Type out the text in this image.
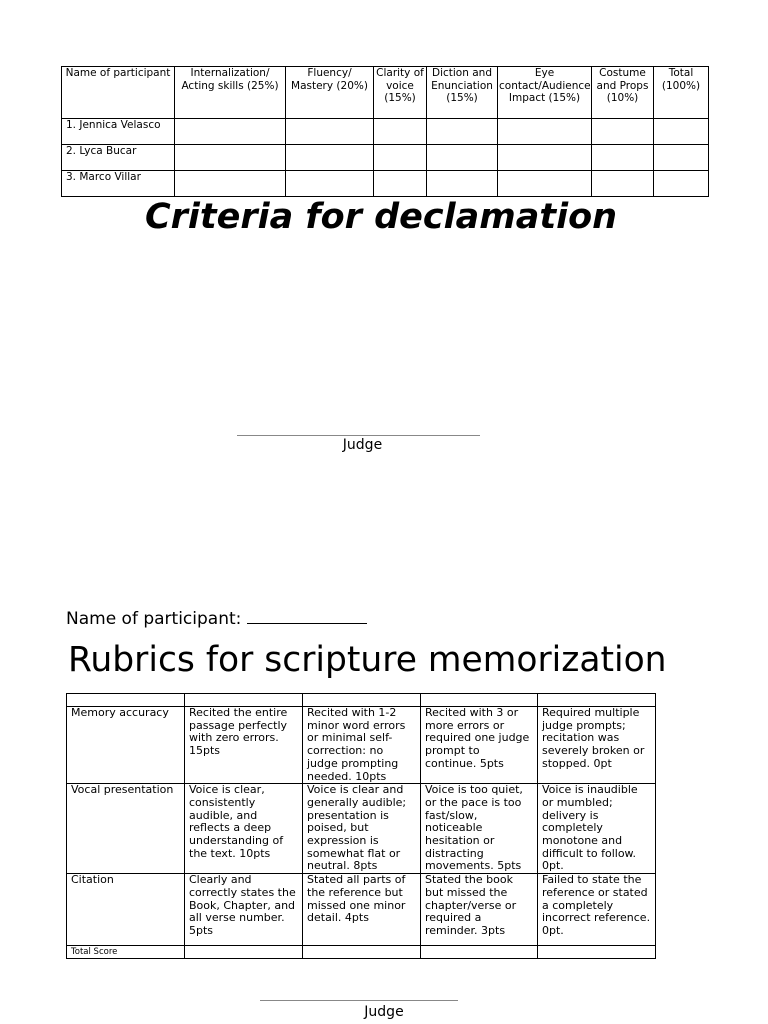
Name of participant	Internalization/ Acting skills (25%)	Fluency/ Mastery (20%)	Clarity of voice (15%)	Diction and Enunciation (15%)	Eye contact/Audience Impact (15%)	Costume and Props (10%)	Total (100%)
1. Jennica Velasco							
2. Lyca Bucar							
3. Marco Villar							
Criteria for declamation
Judge
Name of participant:
Rubrics for scripture memorization

Memory accuracy	Recited the entire passage perfectly with zero errors. 15pts	Recited with 1-2 minor word errors or minimal self-correction: no judge prompting needed. 10pts	Recited with 3 or more errors or required one judge prompt to continue. 5pts	Required multiple judge prompts; recitation was severely broken or stopped. 0pt
Vocal presentation	Voice is clear, consistently audible, and reflects a deep understanding of the text. 10pts	Voice is clear and generally audible; presentation is poised, but expression is somewhat flat or neutral. 8pts	Voice is too quiet, or the pace is too fast/slow, noticeable hesitation or distracting movements. 5pts	Voice is inaudible or mumbled; delivery is completely monotone and difficult to follow. 0pt.
Citation	Clearly and correctly states the Book, Chapter, and all verse number. 5pts	Stated all parts of the reference but missed one minor detail. 4pts	Stated the book but missed the chapter/verse or required a reminder. 3pts	Failed to state the reference or stated a completely incorrect reference. 0pt.
Total Score				
Judge
